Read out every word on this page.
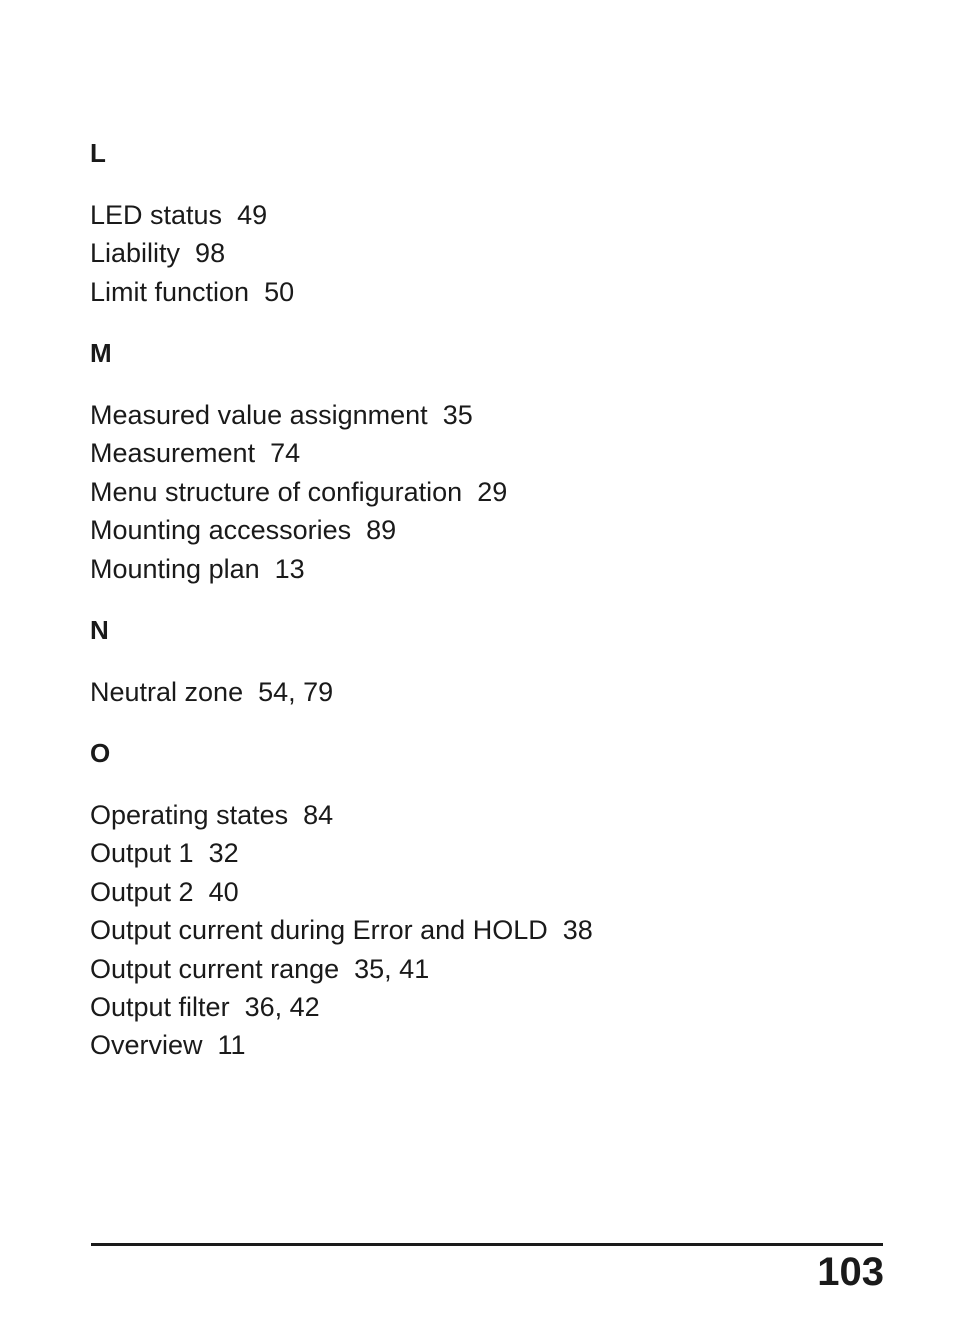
L
LED status  49
Liability  98
Limit function  50
M
Measured value assignment  35
Measurement  74
Menu structure of configuration  29
Mounting accessories  89
Mounting plan  13
N
Neutral zone  54, 79
O
Operating states  84
Output 1  32
Output 2  40
Output current during Error and HOLD  38
Output current range  35, 41
Output filter  36, 42
Overview  11

103
